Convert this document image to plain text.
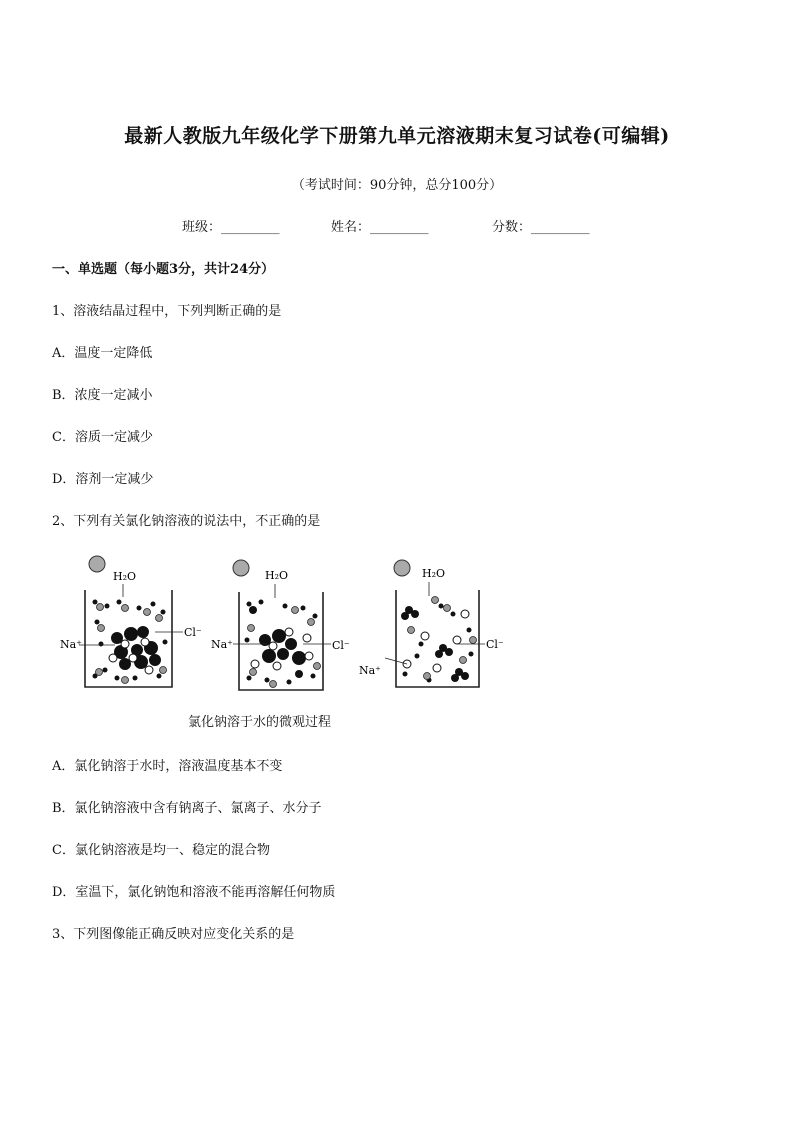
最新人教版九年级化学下册第九单元溶液期末复习试卷(可编辑)
（考试时间：90分钟，总分100分）
班级：_________	姓名：_________	分数：_________
一、单选题（每小题3分，共计24分）
1、溶液结晶过程中，下列判断正确的是
A．温度一定降低
B．浓度一定减小
C．溶质一定减少
D．溶剂一定减少
2、下列有关氯化钠溶液的说法中，不正确的是
H₂O
Na⁺
Cl⁻
H₂O
Na⁺	Cl⁻
H₂O
Na⁺
Cl⁻
氯化钠溶于水的微观过程
A．氯化钠溶于水时，溶液温度基本不变
B．氯化钠溶液中含有钠离子、氯离子、水分子
C．氯化钠溶液是均一、稳定的混合物
D．室温下，氯化钠饱和溶液不能再溶解任何物质
3、下列图像能正确反映对应变化关系的是
